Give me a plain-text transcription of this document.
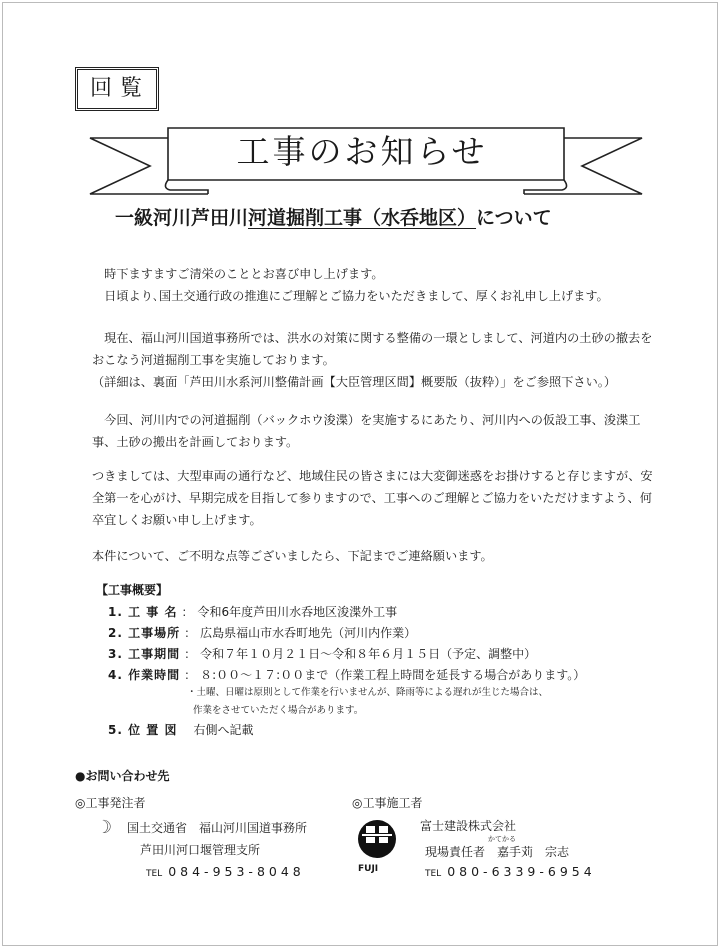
回覧
工事のお知らせ
一級河川芦田川河道掘削工事（水呑地区）について

　時下ますますご清栄のこととお喜び申し上げます。

　日頃より､国土交通行政の推進にご理解とご協力をいただきまして、厚くお礼申し上げます。

　現在、福山河川国道事務所では、洪水の対策に関する整備の一環としまして、河道内の土砂の撤去を

おこなう河道掘削工事を実施しております。

（詳細は、裏面「芦田川水系河川整備計画【大臣管理区間】概要版（抜粋）」をご参照下さい。）

　今回、河川内での河道掘削（バックホウ浚渫）を実施するにあたり、河川内への仮設工事、浚渫工

事、土砂の搬出を計画しております。

つきましては、大型車両の通行など、地域住民の皆さまには大変御迷惑をお掛けすると存じますが、安

全第一を心がけ、早期完成を目指して参りますので、工事へのご理解とご協力をいただけますよう、何

卒宜しくお願い申し上げます。

本件について、ご不明な点等ございましたら、下記までご連絡願います。

【工事概要】
1. 工 事 名 ： 令和6年度芦田川水呑地区浚渫外工事
2. 工事場所 ： 広島県福山市水呑町地先（河川内作業）
3. 工事期間 ： 令和７年１０月２１日～令和８年６月１５日（予定、調整中）
4. 作業時間 ： ８:００～１７:００まで（作業工程上時間を延長する場合があります。）
・土曜、日曜は原則として作業を行いませんが、降雨等による遅れが生じた場合は、
作業をさせていただく場合があります。
5. 位 置 図 右側へ記載
●お問い合わせ先
◎工事発注者
☽ 国土交通省　福山河川国道事務所
芦田川河口堰管理支所
TEL 084-953-8048
◎工事施工者
FUJI
富士建設株式会社
かてかる
現場責任者　 嘉手苅　宗志
TEL 080-6339-6954
